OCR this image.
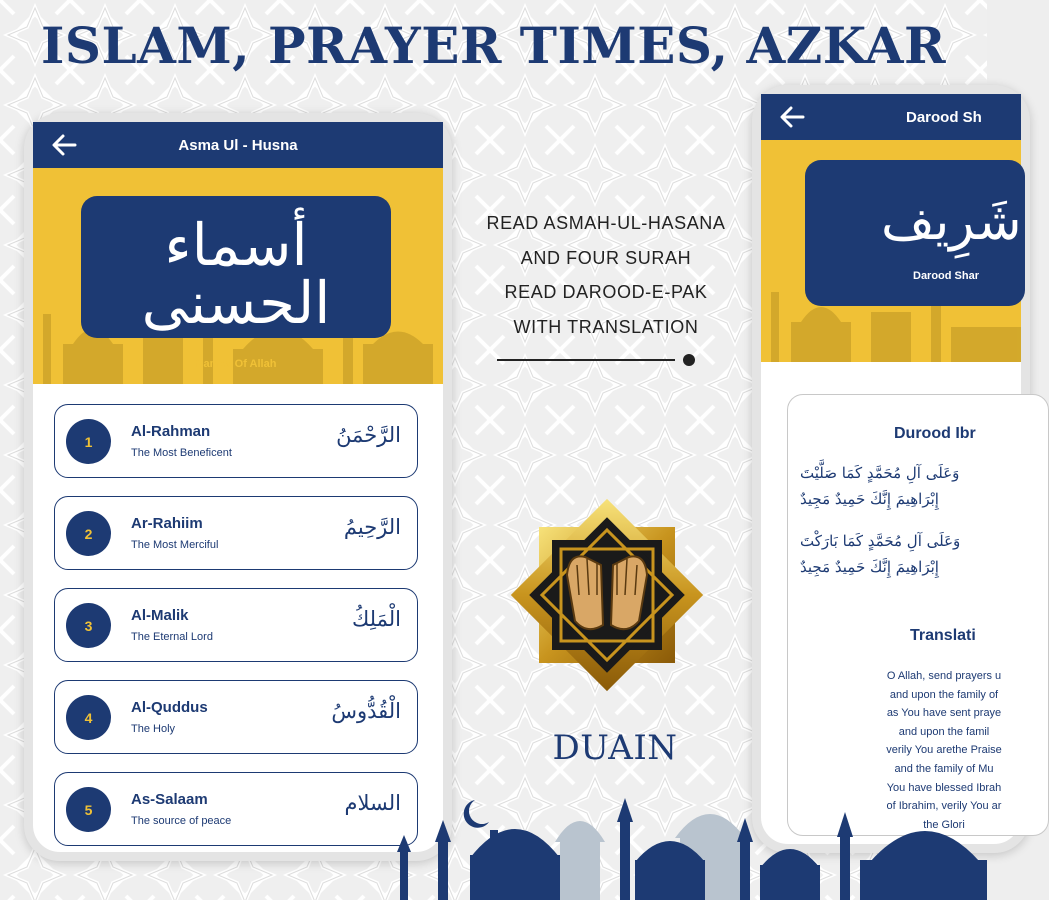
ISLAM, PRAYER TIMES, AZKAR
Asma Ul - Husna
أسماء الحسنى
Names Of Allah
1
Al-Rahman
The Most Beneficent
الرَّحْمَنُ
2
Ar-Rahiim
The Most Merciful
الرَّحِيمُ
3
Al-Malik
The Eternal Lord
الْمَلِكُ
4
Al-Quddus
The Holy
الْقُدُّوسُ
5
As-Salaam
The source of peace
السلام
READ ASMAH-UL-HASANA
AND FOUR SURAH
READ DAROOD-E-PAK
WITH TRANSLATION
DUAIN
Darood Sh
شَرِيف
Darood Shar
Durood Ibr
وَعَلَى آلِ مُحَمَّدٍ كَمَا صَلَّيْتَ
إِبْرَاهِيمَ إِنَّكَ حَمِيدٌ مَجِيدٌ
وَعَلَى آلِ مُحَمَّدٍ كَمَا بَارَكْتَ
إِبْرَاهِيمَ إِنَّكَ حَمِيدٌ مَجِيدٌ
Translati
O Allah, send prayers u
and upon the family of
as You have sent praye
and upon the famil
verily You arethe Praise
and the family of Mu
You have blessed Ibrah
of Ibrahim, verily You ar
the Glori
